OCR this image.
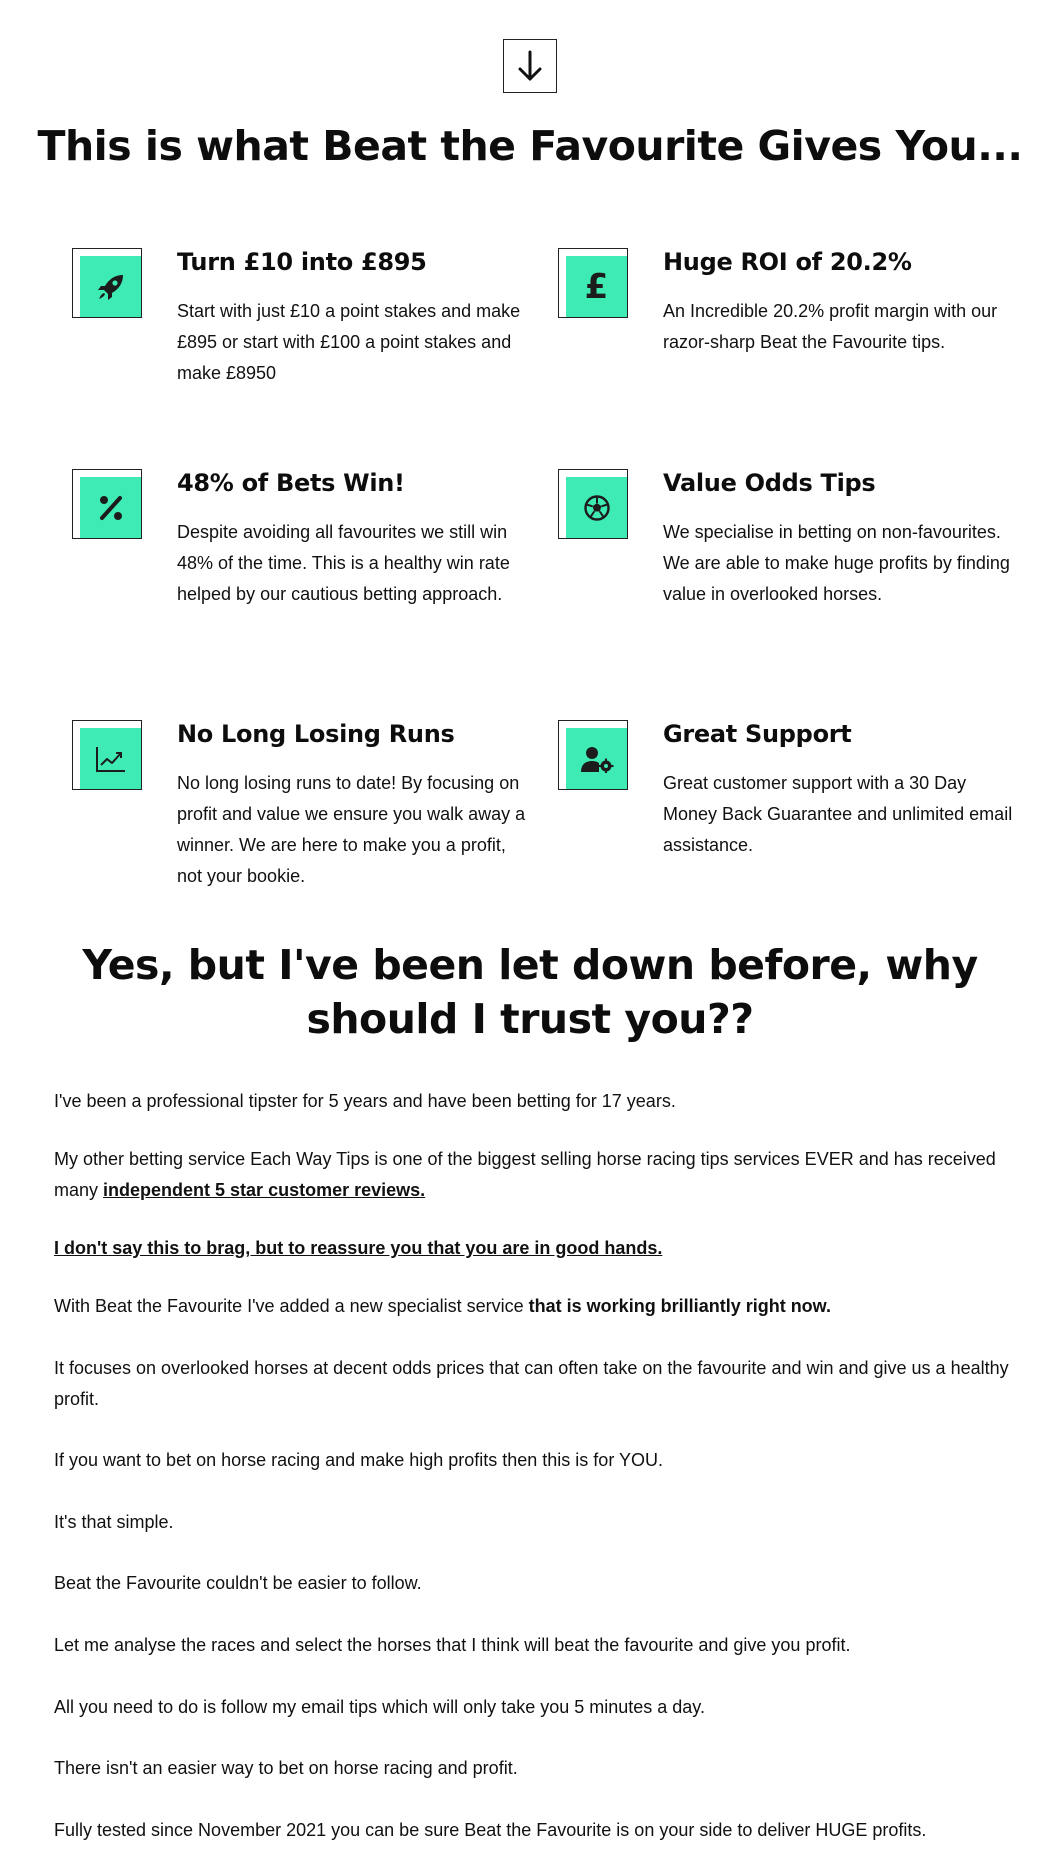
This is what Beat the Favourite Gives You...
Turn £10 into £895

Start with just £10 a point stakes and make £895 or start with £100 a point stakes and make £8950

£
Huge ROI of 20.2%

An Incredible 20.2% profit margin with our razor-sharp Beat the Favourite tips.

48% of Bets Win!

Despite avoiding all favourites we still win 48% of the time. This is a healthy win rate helped by our cautious betting approach.

Value Odds Tips

We specialise in betting on non-favourites. We are able to make huge profits by finding value in overlooked horses.

No Long Losing Runs

No long losing runs to date! By focusing on profit and value we ensure you walk away a winner. We are here to make you a profit, not your bookie.

Great Support

Great customer support with a 30 Day Money Back Guarantee and unlimited email assistance.

Yes, but I've been let down before, why should I trust you??

I've been a professional tipster for 5 years and have been betting for 17 years.

My other betting service Each Way Tips is one of the biggest selling horse racing tips services EVER and has received many independent 5 star customer reviews.

I don't say this to brag, but to reassure you that you are in good hands.

With Beat the Favourite I've added a new specialist service that is working brilliantly right now.

It focuses on overlooked horses at decent odds prices that can often take on the favourite and win and give us a healthy profit.

If you want to bet on horse racing and make high profits then this is for YOU.

It's that simple.

Beat the Favourite couldn't be easier to follow.

Let me analyse the races and select the horses that I think will beat the favourite and give you profit.

All you need to do is follow my email tips which will only take you 5 minutes a day.

There isn't an easier way to bet on horse racing and profit.

Fully tested since November 2021 you can be sure Beat the Favourite is on your side to deliver HUGE profits.
